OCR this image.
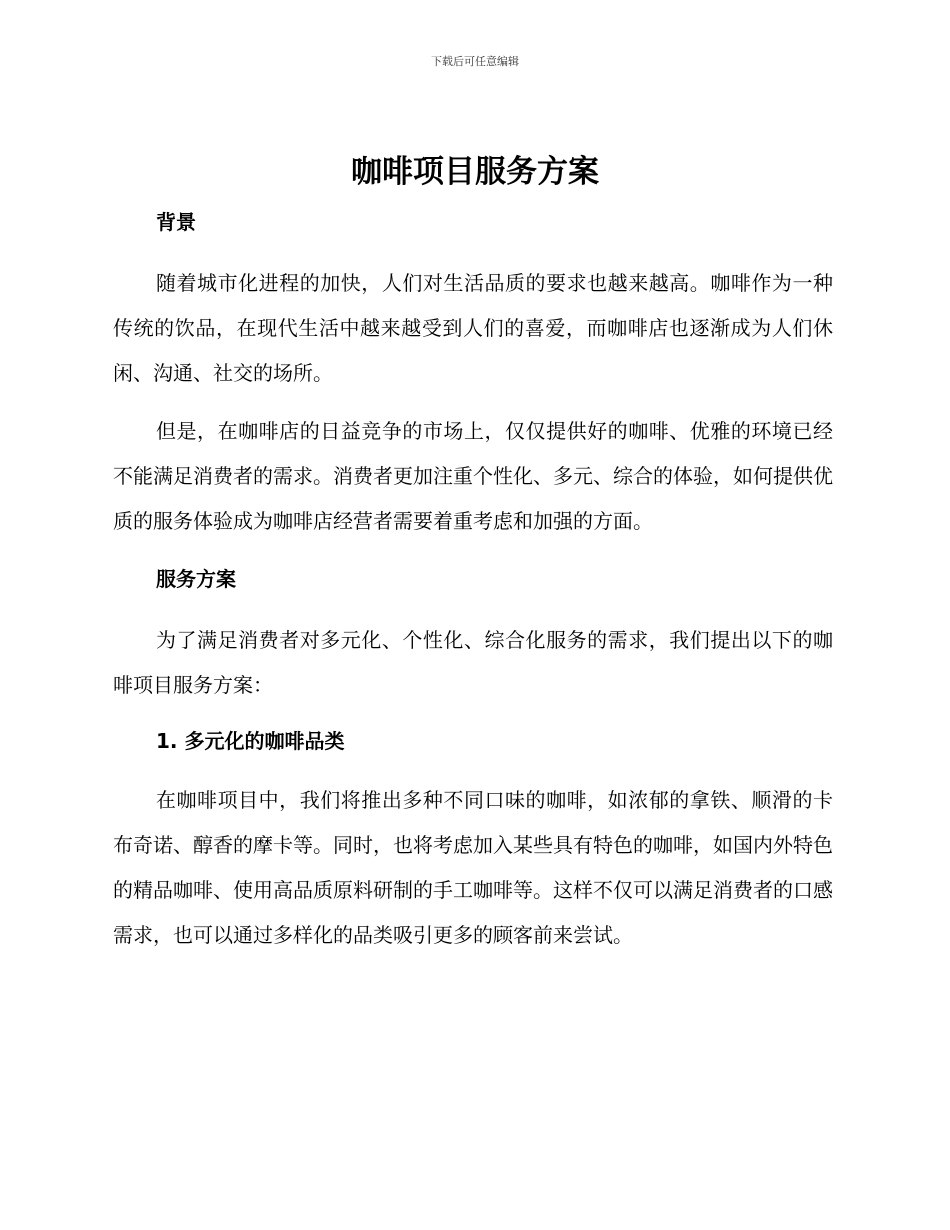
下载后可任意编辑
咖啡项目服务方案
背景

随着城市化进程的加快，人们对生活品质的要求也越来越高。咖啡作为一种传统的饮品，在现代生活中越来越受到人们的喜爱，而咖啡店也逐渐成为人们休闲、沟通、社交的场所。

但是，在咖啡店的日益竞争的市场上，仅仅提供好的咖啡、优雅的环境已经不能满足消费者的需求。消费者更加注重个性化、多元、综合的体验，如何提供优质的服务体验成为咖啡店经营者需要着重考虑和加强的方面。

服务方案

为了满足消费者对多元化、个性化、综合化服务的需求，我们提出以下的咖啡项目服务方案：

1. 多元化的咖啡品类

在咖啡项目中，我们将推出多种不同口味的咖啡，如浓郁的拿铁、顺滑的卡布奇诺、醇香的摩卡等。同时，也将考虑加入某些具有特色的咖啡，如国内外特色的精品咖啡、使用高品质原料研制的手工咖啡等。这样不仅可以满足消费者的口感需求，也可以通过多样化的品类吸引更多的顾客前来尝试。
